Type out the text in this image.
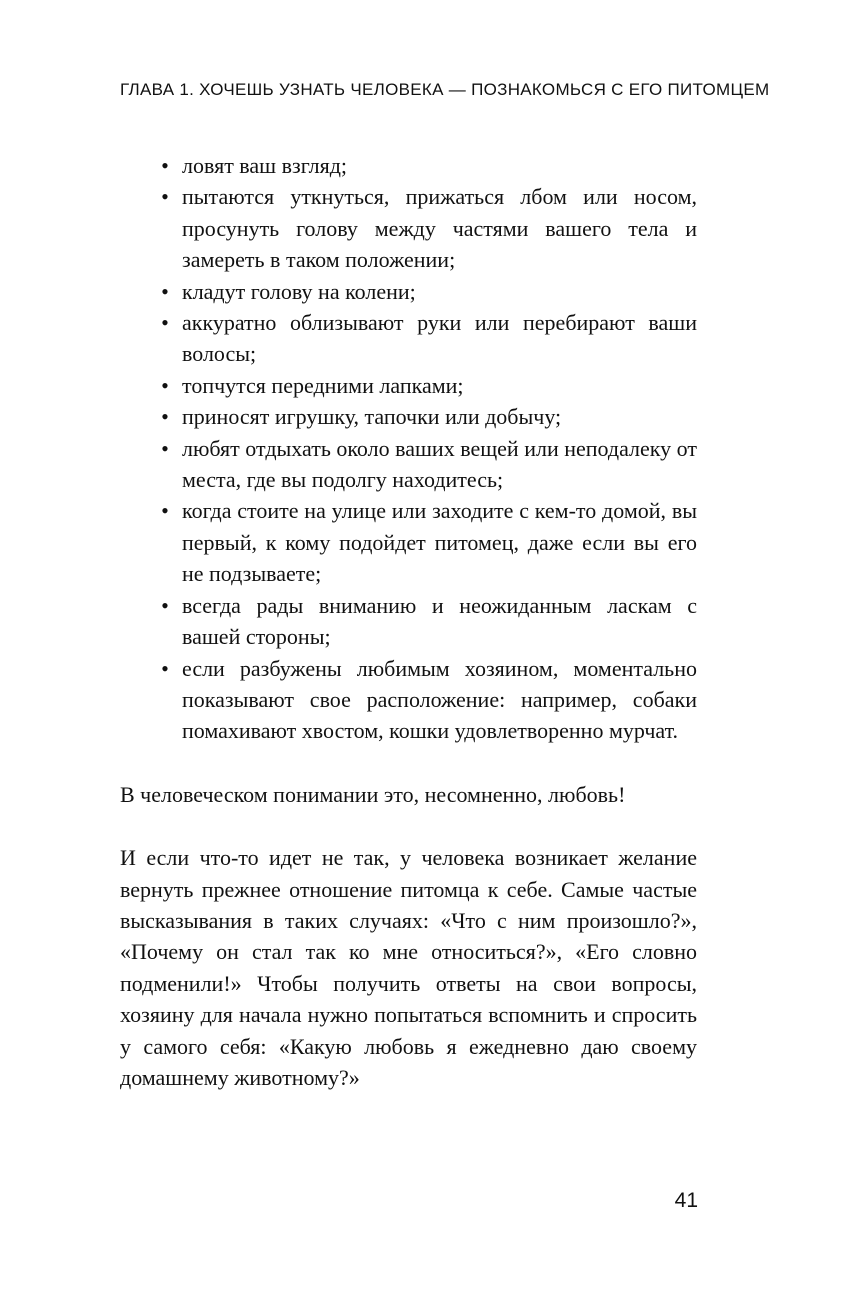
ГЛАВА 1. ХОЧЕШЬ УЗНАТЬ ЧЕЛОВЕКА — ПОЗНАКОМЬСЯ С ЕГО ПИТОМЦЕМ
• ловят ваш взгляд;
• пытаются уткнуться, прижаться лбом или носом, просунуть голову между частями вашего тела и замереть в таком положении;
• кладут голову на колени;
• аккуратно облизывают руки или перебирают ваши волосы;
• топчутся передними лапками;
• приносят игрушку, тапочки или добычу;
• любят отдыхать около ваших вещей или неподалеку от места, где вы подолгу находитесь;
• когда стоите на улице или заходите с кем-то домой, вы первый, к кому подойдет питомец, даже если вы его не подзываете;
• всегда рады вниманию и неожиданным ласкам с вашей стороны;
• если разбужены любимым хозяином, моментально показывают свое расположение: например, собаки помахивают хвостом, кошки удовлетворенно мурчат.

В человеческом понимании это, несомненно, любовь!

И если что-то идет не так, у человека возникает желание вернуть прежнее отношение питомца к себе. Самые частые высказывания в таких случаях: «Что с ним произошло?», «Почему он стал так ко мне относиться?», «Его словно подменили!» Чтобы получить ответы на свои вопросы, хозяину для начала нужно попытаться вспомнить и спросить у самого себя: «Какую любовь я ежедневно даю своему домашнему животному?»

41
